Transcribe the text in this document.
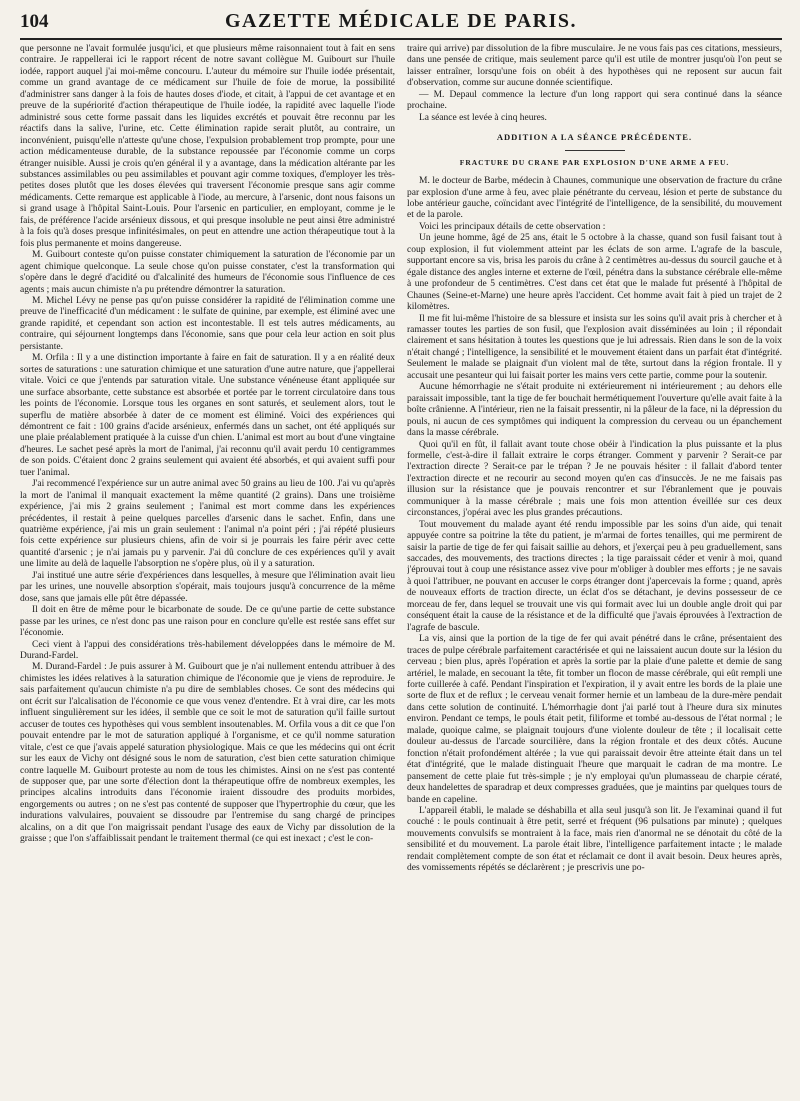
104	GAZETTE MÉDICALE DE PARIS.

que personne ne l'avait formulée jusqu'ici, et que plusieurs même raisonnaient tout à fait en sens contraire. Je rappellerai ici le rapport récent de notre savant collègue M. Guibourt sur l'huile iodée, rapport auquel j'ai moi-même concouru. L'auteur du mémoire sur l'huile iodée présentait, comme un grand avantage de ce médicament sur l'huile de foie de morue, la possibilité d'administrer sans danger à la fois de hautes doses d'iode, et citait, à l'appui de cet avantage et en preuve de la supériorité d'action thérapeutique de l'huile iodée, la rapidité avec laquelle l'iode administré sous cette forme passait dans les liquides excrétés et pouvait être reconnu par les réactifs dans la salive, l'urine, etc. Cette élimination rapide serait plutôt, au contraire, un inconvénient, puisqu'elle n'atteste qu'une chose, l'expulsion probablement trop prompte, pour une action médicamenteuse durable, de la substance repoussée par l'économie comme un corps étranger nuisible. Aussi je crois qu'en général il y a avantage, dans la médication altérante par les substances assimilables ou peu assimilables et pouvant agir comme toxiques, d'employer les très-petites doses plutôt que les doses élevées qui traversent l'économie presque sans agir comme médicaments. Cette remarque est applicable à l'iode, au mercure, à l'arsenic, dont nous faisons un si grand usage à l'hôpital Saint-Louis. Pour l'arsenic en particulier, en employant, comme je le fais, de préférence l'acide arsénieux dissous, et qui presque insoluble ne peut ainsi être administré à la fois qu'à doses presque infinitésimales, on peut en attendre une action thérapeutique tout à la fois plus permanente et moins dangereuse.

M. Guibourt conteste qu'on puisse constater chimiquement la saturation de l'économie par un agent chimique quelconque. La seule chose qu'on puisse constater, c'est la transformation qui s'opère dans le degré d'acidité ou d'alcalinité des humeurs de l'économie sous l'influence de ces agents ; mais aucun chimiste n'a pu prétendre démontrer la saturation.

M. Michel Lévy ne pense pas qu'on puisse considérer la rapidité de l'élimination comme une preuve de l'inefficacité d'un médicament : le sulfate de quinine, par exemple, est éliminé avec une grande rapidité, et cependant son action est incontestable. Il est tels autres médicaments, au contraire, qui séjournent longtemps dans l'économie, sans que pour cela leur action en soit plus persistante.

M. Orfila : Il y a une distinction importante à faire en fait de saturation. Il y a en réalité deux sortes de saturations : une saturation chimique et une saturation d'une autre nature, que j'appellerai vitale. Voici ce que j'entends par saturation vitale. Une substance vénéneuse étant appliquée sur une surface absorbante, cette substance est absorbée et portée par le torrent circulatoire dans tous les points de l'économie. Lorsque tous les organes en sont saturés, et seulement alors, tout le superflu de matière absorbée à dater de ce moment est éliminé. Voici des expériences qui démontrent ce fait : 100 grains d'acide arsénieux, enfermés dans un sachet, ont été appliqués sur une plaie préalablement pratiquée à la cuisse d'un chien. L'animal est mort au bout d'une vingtaine d'heures. Le sachet pesé après la mort de l'animal, j'ai reconnu qu'il avait perdu 10 centigrammes de son poids. C'étaient donc 2 grains seulement qui avaient été absorbés, et qui avaient suffi pour tuer l'animal.

J'ai recommencé l'expérience sur un autre animal avec 50 grains au lieu de 100. J'ai vu qu'après la mort de l'animal il manquait exactement la même quantité (2 grains). Dans une troisième expérience, j'ai mis 2 grains seulement ; l'animal est mort comme dans les expériences précédentes, il restait à peine quelques parcelles d'arsenic dans le sachet. Enfin, dans une quatrième expérience, j'ai mis un grain seulement : l'animal n'a point péri ; j'ai répété plusieurs fois cette expérience sur plusieurs chiens, afin de voir si je pourrais les faire périr avec cette quantité d'arsenic ; je n'ai jamais pu y parvenir. J'ai dû conclure de ces expériences qu'il y avait une limite au delà de laquelle l'absorption ne s'opère plus, où il y a saturation.

J'ai institué une autre série d'expériences dans lesquelles, à mesure que l'élimination avait lieu par les urines, une nouvelle absorption s'opérait, mais toujours jusqu'à concurrence de la même dose, sans que jamais elle pût être dépassée.

Il doit en être de même pour le bicarbonate de soude. De ce qu'une partie de cette substance passe par les urines, ce n'est donc pas une raison pour en conclure qu'elle est restée sans effet sur l'économie.

Ceci vient à l'appui des considérations très-habilement développées dans le mémoire de M. Durand-Fardel.

M. Durand-Fardel : Je puis assurer à M. Guibourt que je n'ai nullement entendu attribuer à des chimistes les idées relatives à la saturation chimique de l'économie que je viens de reproduire. Je sais parfaitement qu'aucun chimiste n'a pu dire de semblables choses. Ce sont des médecins qui ont écrit sur l'alcalisation de l'économie ce que vous venez d'entendre. Et à vrai dire, car les mots influent singulièrement sur les idées, il semble que ce soit le mot de saturation qu'il faille surtout accuser de toutes ces hypothèses qui vous semblent insoutenables. M. Orfila vous a dit ce que l'on pouvait entendre par le mot de saturation appliqué à l'organisme, et ce qu'il nomme saturation vitale, c'est ce que j'avais appelé saturation physiologique. Mais ce que les médecins qui ont écrit sur les eaux de Vichy ont désigné sous le nom de saturation, c'est bien cette saturation chimique contre laquelle M. Guibourt proteste au nom de tous les chimistes. Ainsi on ne s'est pas contenté de supposer que, par une sorte d'élection dont la thérapeutique offre de nombreux exemples, les principes alcalins introduits dans l'économie iraient dissoudre des produits morbides, engorgements ou autres ; on ne s'est pas contenté de supposer que l'hypertrophie du cœur, que les indurations valvulaires, pouvaient se dissoudre par l'entremise du sang chargé de principes alcalins, on a dit que l'on maigrissait pendant l'usage des eaux de Vichy par dissolution de la graisse ; que l'on s'affaiblissait pendant le traitement thermal (ce qui est inexact ; c'est le con-

traire qui arrive) par dissolution de la fibre musculaire. Je ne vous fais pas ces citations, messieurs, dans une pensée de critique, mais seulement parce qu'il est utile de montrer jusqu'où l'on peut se laisser entraîner, lorsqu'une fois on obéit à des hypothèses qui ne reposent sur aucun fait d'observation, comme sur aucune donnée scientifique.

— M. Depaul commence la lecture d'un long rapport qui sera continué dans la séance prochaine.

La séance est levée à cinq heures.

ADDITION A LA SÉANCE PRÉCÉDENTE.
FRACTURE DU CRANE PAR EXPLOSION D'UNE ARME A FEU.

M. le docteur de Barbe, médecin à Chaunes, communique une observation de fracture du crâne par explosion d'une arme à feu, avec plaie pénétrante du cerveau, lésion et perte de substance du lobe antérieur gauche, coïncidant avec l'intégrité de l'intelligence, de la sensibilité, du mouvement et de la parole.

Voici les principaux détails de cette observation :

Un jeune homme, âgé de 25 ans, était le 5 octobre à la chasse, quand son fusil faisant tout à coup explosion, il fut violemment atteint par les éclats de son arme. L'agrafe de la bascule, supportant encore sa vis, brisa les parois du crâne à 2 centimètres au-dessus du sourcil gauche et à égale distance des angles interne et externe de l'œil, pénétra dans la substance cérébrale elle-même à une profondeur de 5 centimètres. C'est dans cet état que le malade fut présenté à l'hôpital de Chaunes (Seine-et-Marne) une heure après l'accident. Cet homme avait fait à pied un trajet de 2 kilomètres.

Il me fit lui-même l'histoire de sa blessure et insista sur les soins qu'il avait pris à chercher et à ramasser toutes les parties de son fusil, que l'explosion avait disséminées au loin ; il répondait clairement et sans hésitation à toutes les questions que je lui adressais. Rien dans le son de la voix n'était changé ; l'intelligence, la sensibilité et le mouvement étaient dans un parfait état d'intégrité. Seulement le malade se plaignait d'un violent mal de tête, surtout dans la région frontale. Il y accusait une pesanteur qui lui faisait porter les mains vers cette partie, comme pour la soutenir.

Aucune hémorrhagie ne s'était produite ni extérieurement ni intérieurement ; au dehors elle paraissait impossible, tant la tige de fer bouchait hermétiquement l'ouverture qu'elle avait faite à la boîte crânienne. A l'intérieur, rien ne la faisait pressentir, ni la pâleur de la face, ni la dépression du pouls, ni aucun de ces symptômes qui indiquent la compression du cerveau ou un épanchement dans la masse cérébrale.

Quoi qu'il en fût, il fallait avant toute chose obéir à l'indication la plus puissante et la plus formelle, c'est-à-dire il fallait extraire le corps étranger. Comment y parvenir ? Serait-ce par l'extraction directe ? Serait-ce par le trépan ? Je ne pouvais hésiter : il fallait d'abord tenter l'extraction directe et ne recourir au second moyen qu'en cas d'insuccès. Je ne me faisais pas illusion sur la résistance que je pouvais rencontrer et sur l'ébranlement que je pouvais communiquer à la masse cérébrale ; mais une fois mon attention éveillée sur ces deux circonstances, j'opérai avec les plus grandes précautions.

Tout mouvement du malade ayant été rendu impossible par les soins d'un aide, qui tenait appuyée contre sa poitrine la tête du patient, je m'armai de fortes tenailles, qui me permirent de saisir la partie de tige de fer qui faisait saillie au dehors, et j'exerçai peu à peu graduellement, sans saccades, des mouvements, des tractions directes ; la tige paraissait céder et venir à moi, quand j'éprouvai tout à coup une résistance assez vive pour m'obliger à doubler mes efforts ; je ne savais à quoi l'attribuer, ne pouvant en accuser le corps étranger dont j'apercevais la forme ; quand, après de nouveaux efforts de traction directe, un éclat d'os se détachant, je devins possesseur de ce morceau de fer, dans lequel se trouvait une vis qui formait avec lui un double angle droit qui par conséquent était la cause de la résistance et de la difficulté que j'avais éprouvées à l'extraction de l'agrafe de bascule.

La vis, ainsi que la portion de la tige de fer qui avait pénétré dans le crâne, présentaient des traces de pulpe cérébrale parfaitement caractérisée et qui ne laissaient aucun doute sur la lésion du cerveau ; bien plus, après l'opération et après la sortie par la plaie d'une palette et demie de sang artériel, le malade, en secouant la tête, fit tomber un flocon de masse cérébrale, qui eût rempli une forte cuillerée à café. Pendant l'inspiration et l'expiration, il y avait entre les bords de la plaie une sorte de flux et de reflux ; le cerveau venait former hernie et un lambeau de la dure-mère pendait dans cette solution de continuité. L'hémorrhagie dont j'ai parlé tout à l'heure dura six minutes environ. Pendant ce temps, le pouls était petit, filiforme et tombé au-dessous de l'état normal ; le malade, quoique calme, se plaignait toujours d'une violente douleur de tête ; il localisait cette douleur au-dessus de l'arcade sourcilière, dans la région frontale et des deux côtés. Aucune fonction n'était profondément altérée ; la vue qui paraissait devoir être atteinte était dans un tel état d'intégrité, que le malade distinguait l'heure que marquait le cadran de ma montre. Le pansement de cette plaie fut très-simple ; je n'y employai qu'un plumasseau de charpie cératé, deux handelettes de sparadrap et deux compresses graduées, que je maintins par quelques tours de bande en capeline.

L'appareil établi, le malade se déshabilla et alla seul jusqu'à son lit. Je l'examinai quand il fut couché : le pouls continuait à être petit, serré et fréquent (96 pulsations par minute) ; quelques mouvements convulsifs se montraient à la face, mais rien d'anormal ne se dénotait du côté de la sensibilité et du mouvement. La parole était libre, l'intelligence parfaitement intacte ; le malade rendait complètement compte de son état et réclamait ce dont il avait besoin. Deux heures après, des vomissements répétés se déclarèrent ; je prescrivis une po-
